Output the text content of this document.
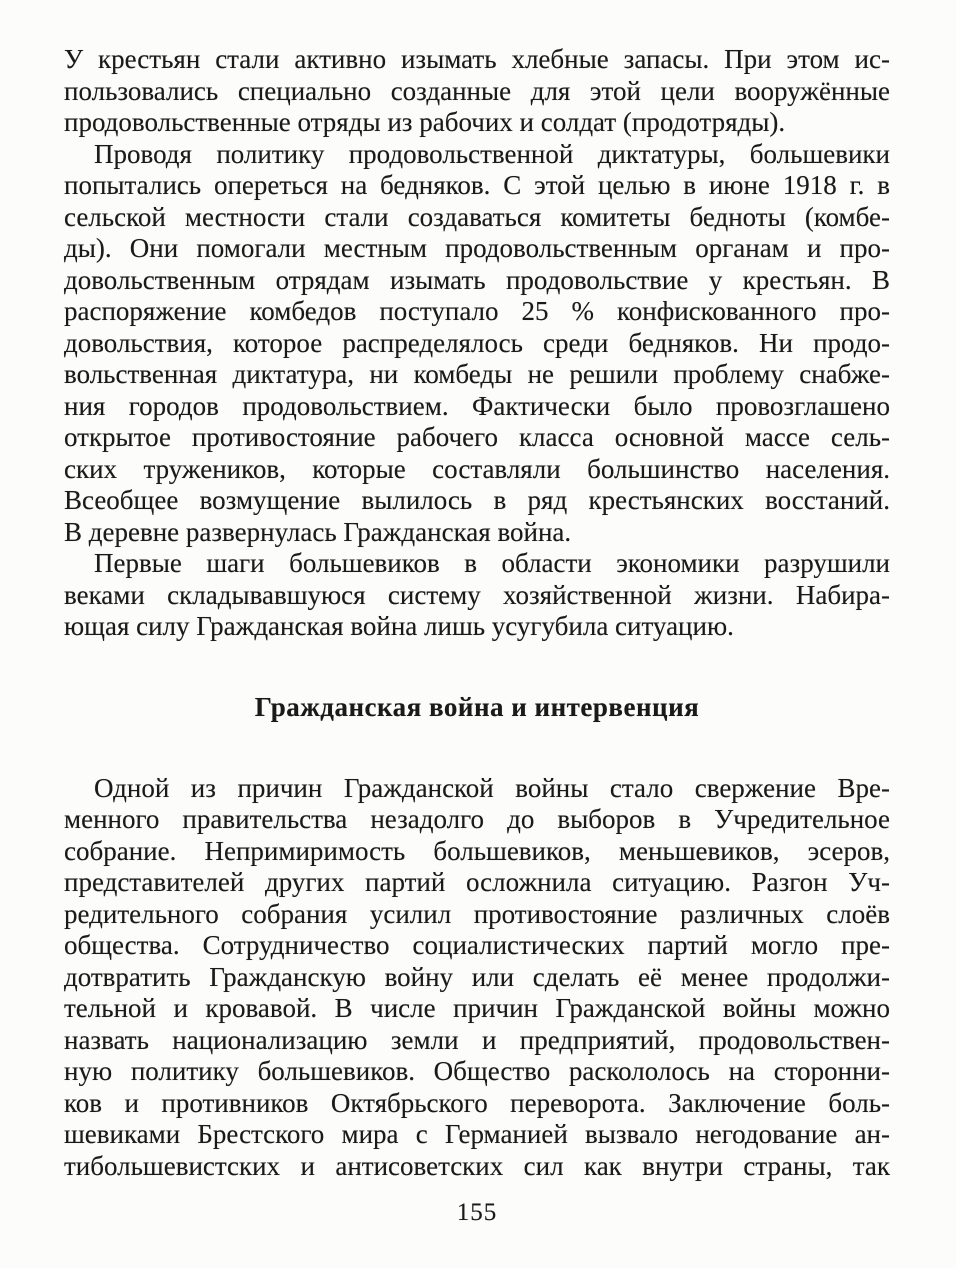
У крестьян стали активно изымать хлебные запасы. При этом ис-
пользовались специально созданные для этой цели вооружённые
продовольственные отряды из рабочих и солдат (продотряды).
Проводя политику продовольственной диктатуры, большевики
попытались опереться на бедняков. С этой целью в июне 1918 г. в
сельской местности стали создаваться комитеты бедноты (комбе-
ды). Они помогали местным продовольственным органам и про-
довольственным отрядам изымать продовольствие у крестьян. В
распоряжение комбедов поступало 25 % конфискованного про-
довольствия, которое распределялось среди бедняков. Ни продо-
вольственная диктатура, ни комбеды не решили проблему снабже-
ния городов продовольствием. Фактически было провозглашено
открытое противостояние рабочего класса основной массе сель-
ских тружеников, которые составляли большинство населения.
Всеобщее возмущение вылилось в ряд крестьянских восстаний.
В деревне развернулась Гражданская война.
Первые шаги большевиков в области экономики разрушили
веками складывавшуюся систему хозяйственной жизни. Набира-
ющая силу Гражданская война лишь усугубила ситуацию.
Гражданская война и интервенция
Одной из причин Гражданской войны стало свержение Вре-
менного правительства незадолго до выборов в Учредительное
собрание. Непримиримость большевиков, меньшевиков, эсеров,
представителей других партий осложнила ситуацию. Разгон Уч-
редительного собрания усилил противостояние различных слоёв
общества. Сотрудничество социалистических партий могло пре-
дотвратить Гражданскую войну или сделать её менее продолжи-
тельной и кровавой. В числе причин Гражданской войны можно
назвать национализацию земли и предприятий, продовольствен-
ную политику большевиков. Общество раскололось на сторонни-
ков и противников Октябрьского переворота. Заключение боль-
шевиками Брестского мира с Германией вызвало негодование ан-
тибольшевистских и антисоветских сил как внутри страны, так
155
